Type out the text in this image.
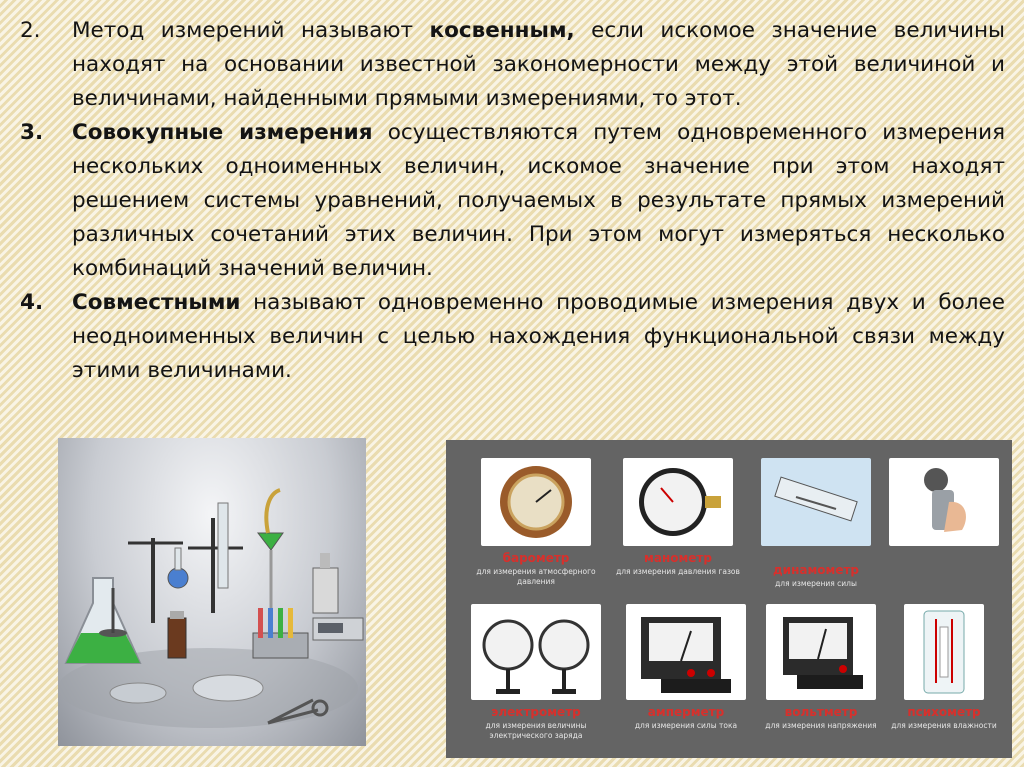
2.	Метод измерений называют косвенным, если искомое значение величины находят на основании известной закономерности между этой величиной и величинами, найденными прямыми измерениями, то этот.
3.	Совокупные измерения осуществляются путем одновременного измерения нескольких одноименных величин, искомое значение при этом находят решением системы уравнений, получаемых в результате прямых измерений различных сочетаний этих величин. При этом могут измеряться несколько комбинаций значений величин.
4.	Совместными называют одновременно проводимые измерения двух и более неодноименных величин с целью нахождения функциональной связи между этими величинами.
барометр
для измерения атмосферного давления
манометр
для измерения давления газов	динамометр
для измерения силы
электрометр
для измерения величины электрического заряда
амперметр
для измерения силы тока
вольтметр
для измерения напряжения
психометр
для измерения влажности
